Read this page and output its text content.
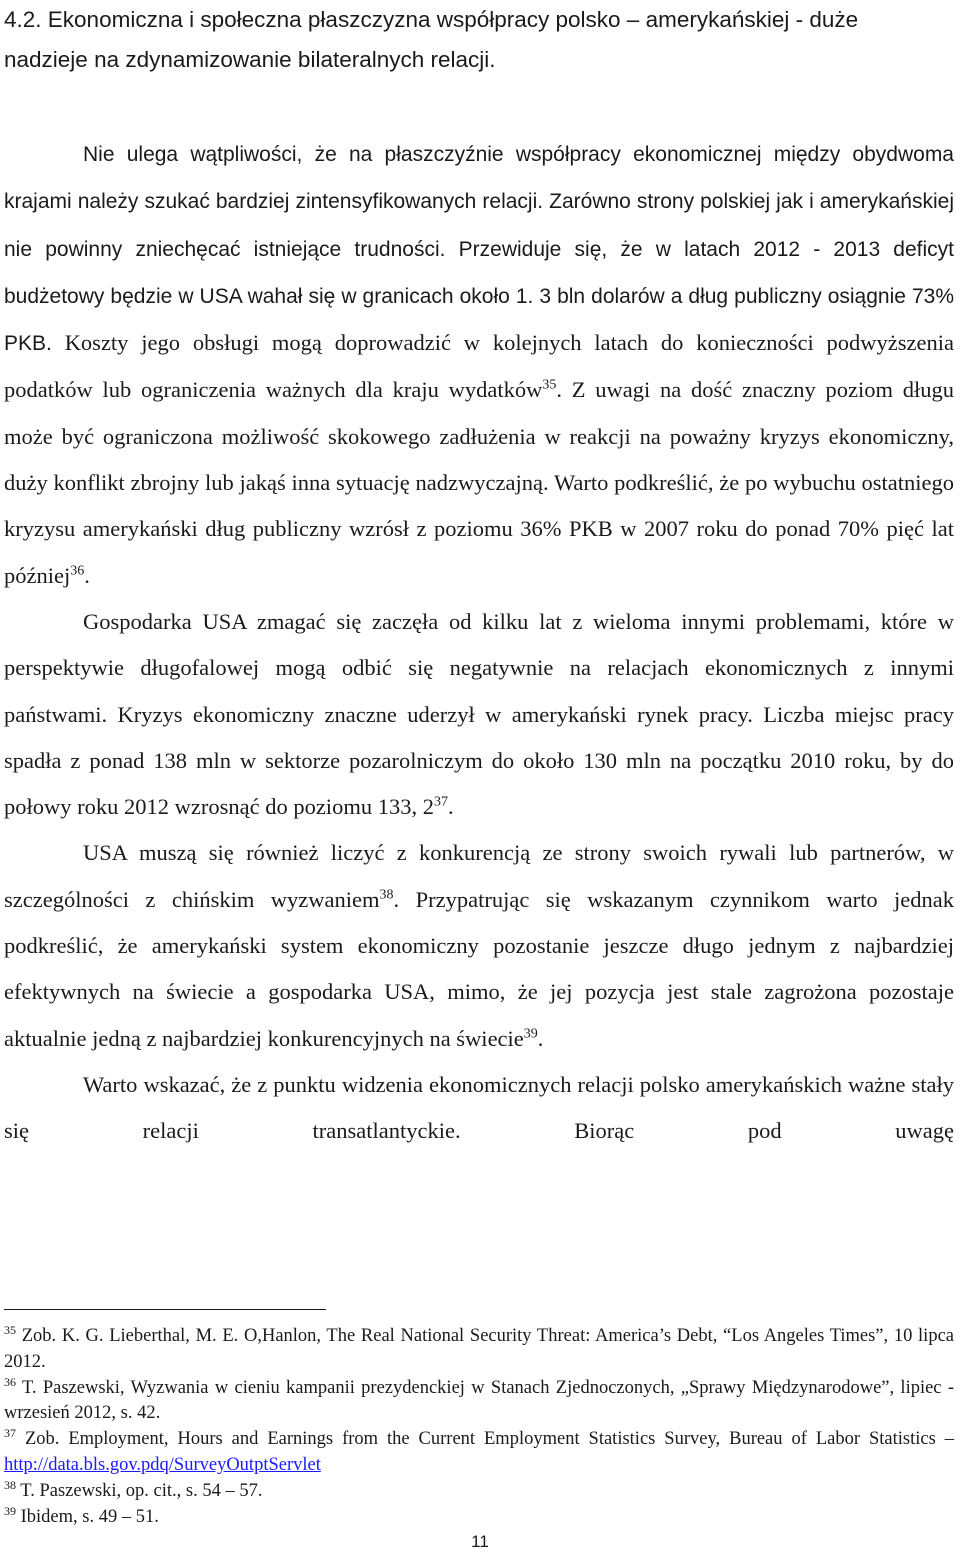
4.2. Ekonomiczna i społeczna płaszczyzna współpracy polsko – amerykańskiej - duże
nadzieje na zdynamizowanie bilateralnych relacji.

Nie ulega wątpliwości, że na płaszczyźnie współpracy ekonomicznej między obydwoma krajami należy szukać bardziej zintensyfikowanych relacji. Zarówno strony polskiej jak i amerykańskiej nie powinny zniechęcać istniejące trudności. Przewiduje się, że w latach 2012 - 2013 deficyt budżetowy będzie w USA wahał się w granicach około 1. 3 bln dolarów a dług publiczny osiągnie 73% PKB. Koszty jego obsługi mogą doprowadzić w kolejnych latach do konieczności podwyższenia podatków lub ograniczenia ważnych dla kraju wydatków$^{35}$. Z uwagi na dość znaczny poziom długu może być ograniczona możliwość skokowego zadłużenia w reakcji na poważny kryzys ekonomiczny, duży konflikt zbrojny lub jakąś inna sytuację nadzwyczajną. Warto podkreślić, że po wybuchu ostatniego kryzysu amerykański dług publiczny wzrósł z poziomu 36% PKB w 2007 roku do ponad 70% pięć lat później$^{36}$.

Gospodarka USA zmagać się zaczęła od kilku lat z wieloma innymi problemami, które w perspektywie długofalowej mogą odbić się negatywnie na relacjach ekonomicznych z innymi państwami. Kryzys ekonomiczny znaczne uderzył w amerykański rynek pracy. Liczba miejsc pracy spadła z ponad 138 mln w sektorze pozarolniczym do około 130 mln na początku 2010 roku, by do połowy roku 2012 wzrosnąć do poziomu 133, $2^{37}$.

USA muszą się również liczyć z konkurencją ze strony swoich rywali lub partnerów, w szczególności z chińskim wyzwaniem$^{38}$. Przypatrując się wskazanym czynnikom warto jednak podkreślić, że amerykański system ekonomiczny pozostanie jeszcze długo jednym z najbardziej efektywnych na świecie a gospodarka USA, mimo, że jej pozycja jest stale zagrożona pozostaje aktualnie jedną z najbardziej konkurencyjnych na świecie$^{39}$.

Warto wskazać, że z punktu widzenia ekonomicznych relacji polsko amerykańskich ważne stały się relacji transatlantyckie. Biorąc pod uwagę

$^{35}$ Zob. K. G. Lieberthal, M. E. O,Hanlon, The Real National Security Threat: America’s Debt, “Los Angeles Times”, 10 lipca 2012.

$^{36}$ T. Paszewski, Wyzwania w cieniu kampanii prezydenckiej w Stanach Zjednoczonych, „Sprawy Międzynarodowe”, lipiec - wrzesień 2012, s. 42.

$^{37}$ Zob. Employment, Hours and Earnings from the Current Employment Statistics Survey, Bureau of Labor Statistics – http://data.bls.gov.pdq/SurveyOutptServlet

$^{38}$ T. Paszewski, op. cit., s. 54 – 57.

$^{39}$ Ibidem, s. 49 – 51.

11
